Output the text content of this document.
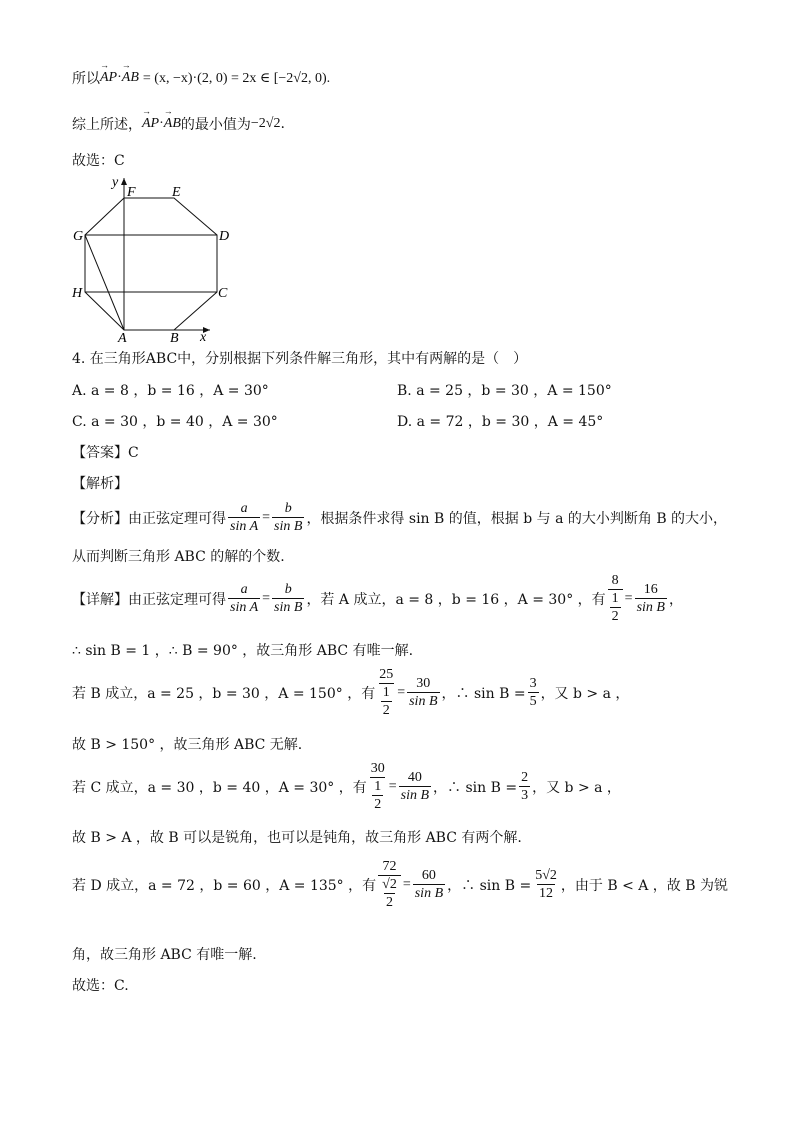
所以 → AP · → AB = (x, −x)·(2, 0) = 2x ∈ [−2√2, 0).
综上所述， → AP · → AB 的最小值为 −2√2 .
故选：C
F	E
G	D
H	C
A	B x
y
4. 在三角形ABC中，分别根据下列条件解三角形，其中有两解的是（　）
A. a = 8 ，b = 16 ，A = 30°	B. a = 25 ，b = 30 ，A = 150°
C. a = 30 ，b = 40 ，A = 30°	D. a = 72 ，b = 30 ，A = 45°
【答案】C
【解析】
【分析】由正弦定理可得 $\frac{a}{\text{sin A}} = \frac{b}{\text{sin B}}$ ，根据条件求得 sin B 的值，根据 b 与 a 的大小判断角 B 的大小，
从而判断三角形 ABC 的解的个数.
【详解】由正弦定理可得 $\frac{a}{\text{sin A}} = \frac{b}{\text{sin B}}$ ，若 A 成立，a = 8 ，b = 16 ，A = 30° ，有 $\frac{8}{\frac{1}{2}} = \frac{16}{\text{sin B}}$ ，
∴ sin B = 1 ，∴ B = 90° ，故三角形 ABC 有唯一解.
若 B 成立，a = 25 ，b = 30 ，A = 150° ，有 $\frac{25}{\frac{1}{2}} = \frac{30}{\text{sin B}}$ ，∴ $\sin B = \frac{3}{5}$ ，又 b > a ，
故 B > 150° ，故三角形 ABC 无解.
若 C 成立，a = 30 ，b = 40 ，A = 30° ，有 $\frac{30}{\frac{1}{2}} = \frac{40}{\text{sin B}}$ ，∴ $\sin B = \frac{2}{3}$ ，又 b > a ，
故 B > A ，故 B 可以是锐角，也可以是钝角，故三角形 ABC 有两个解.
若 D 成立，a = 72 ，b = 60 ，A = 135° ，有 $\frac{72}{\frac{√2}{2}} = \frac{60}{\text{sin B}}$ ，∴ $\sin B = \frac{5√2}{12}$ ，由于 B < A ，故 B 为锐
角，故三角形 ABC 有唯一解.
故选：C.
